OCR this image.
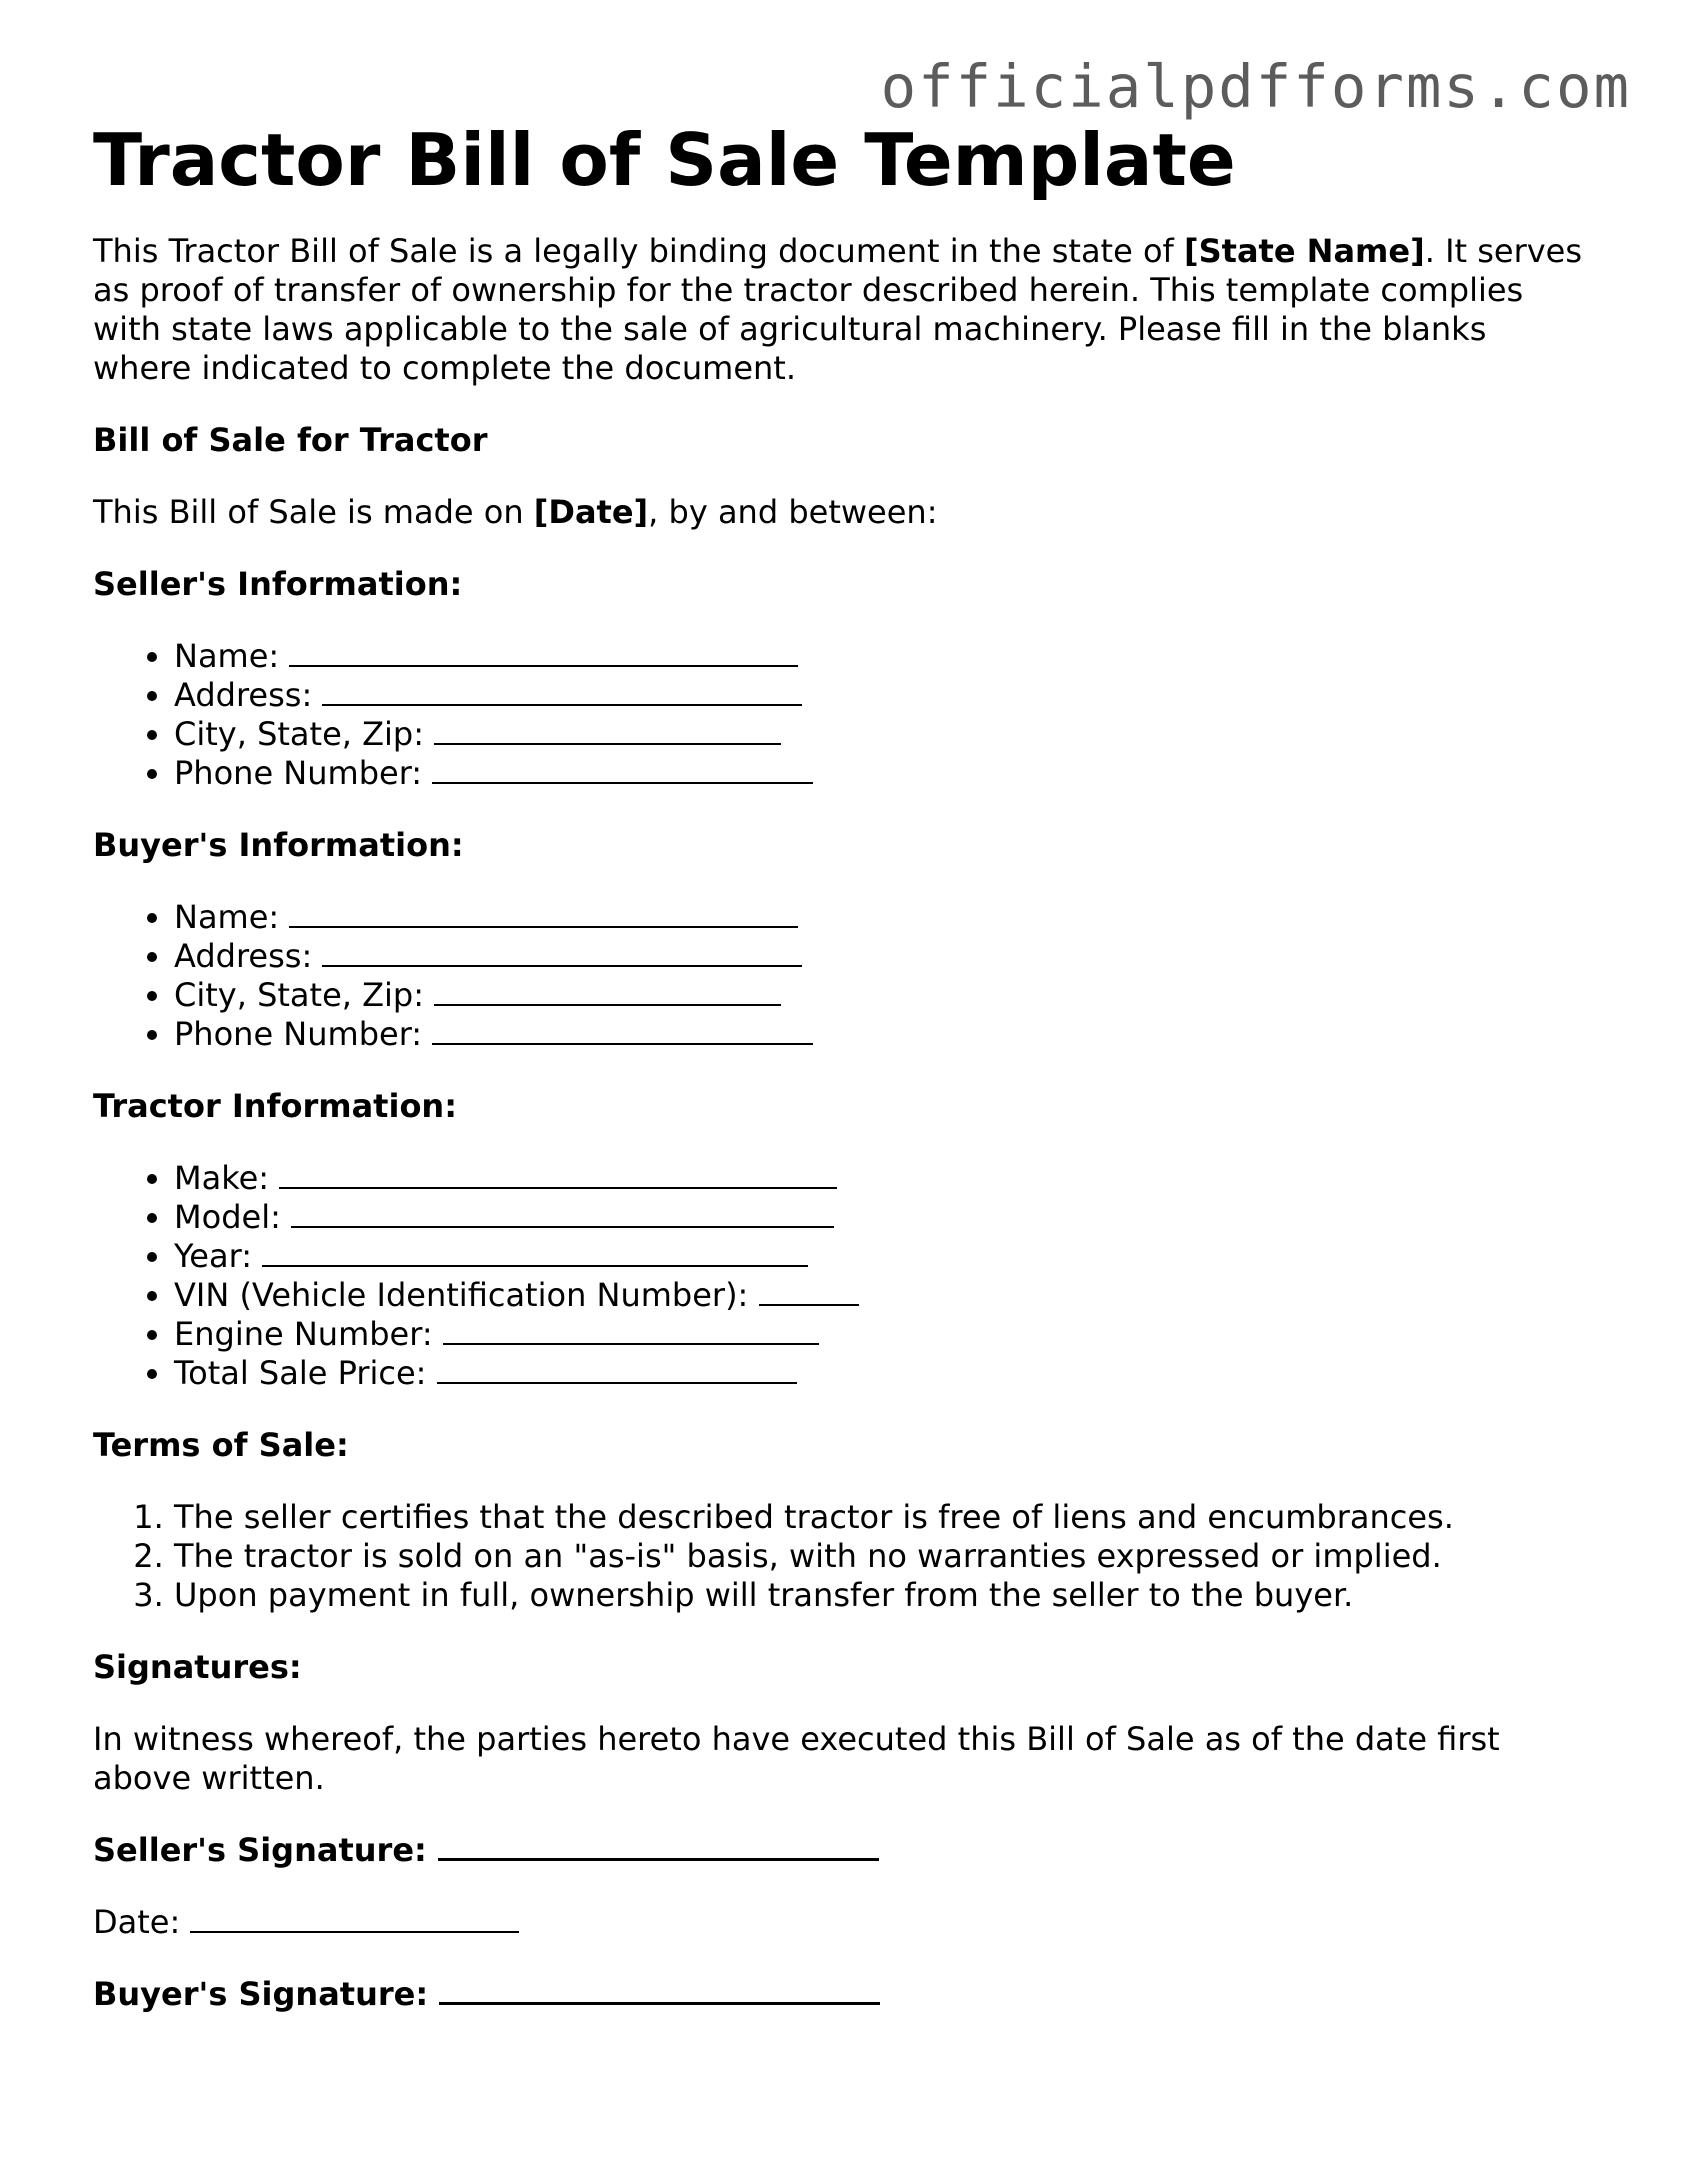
officialpdfforms.com
Tractor Bill of Sale Template

This Tractor Bill of Sale is a legally binding document in the state of [State Name]. It serves as proof of transfer of ownership for the tractor described herein. This template complies with state laws applicable to the sale of agricultural machinery. Please fill in the blanks where indicated to complete the document.

Bill of Sale for Tractor

This Bill of Sale is made on [Date], by and between:

Seller's Information:

• Name:
• Address:
• City, State, Zip:
• Phone Number:

Buyer's Information:

• Name:
• Address:
• City, State, Zip:
• Phone Number:

Tractor Information:

• Make:
• Model:
• Year:
• VIN (Vehicle Identification Number):
• Engine Number:
• Total Sale Price:

Terms of Sale:

1. The seller certifies that the described tractor is free of liens and encumbrances.
2. The tractor is sold on an "as-is" basis, with no warranties expressed or implied.
3. Upon payment in full, ownership will transfer from the seller to the buyer.

Signatures:

In witness whereof, the parties hereto have executed this Bill of Sale as of the date first above written.

Seller's Signature:

Date:

Buyer's Signature:
